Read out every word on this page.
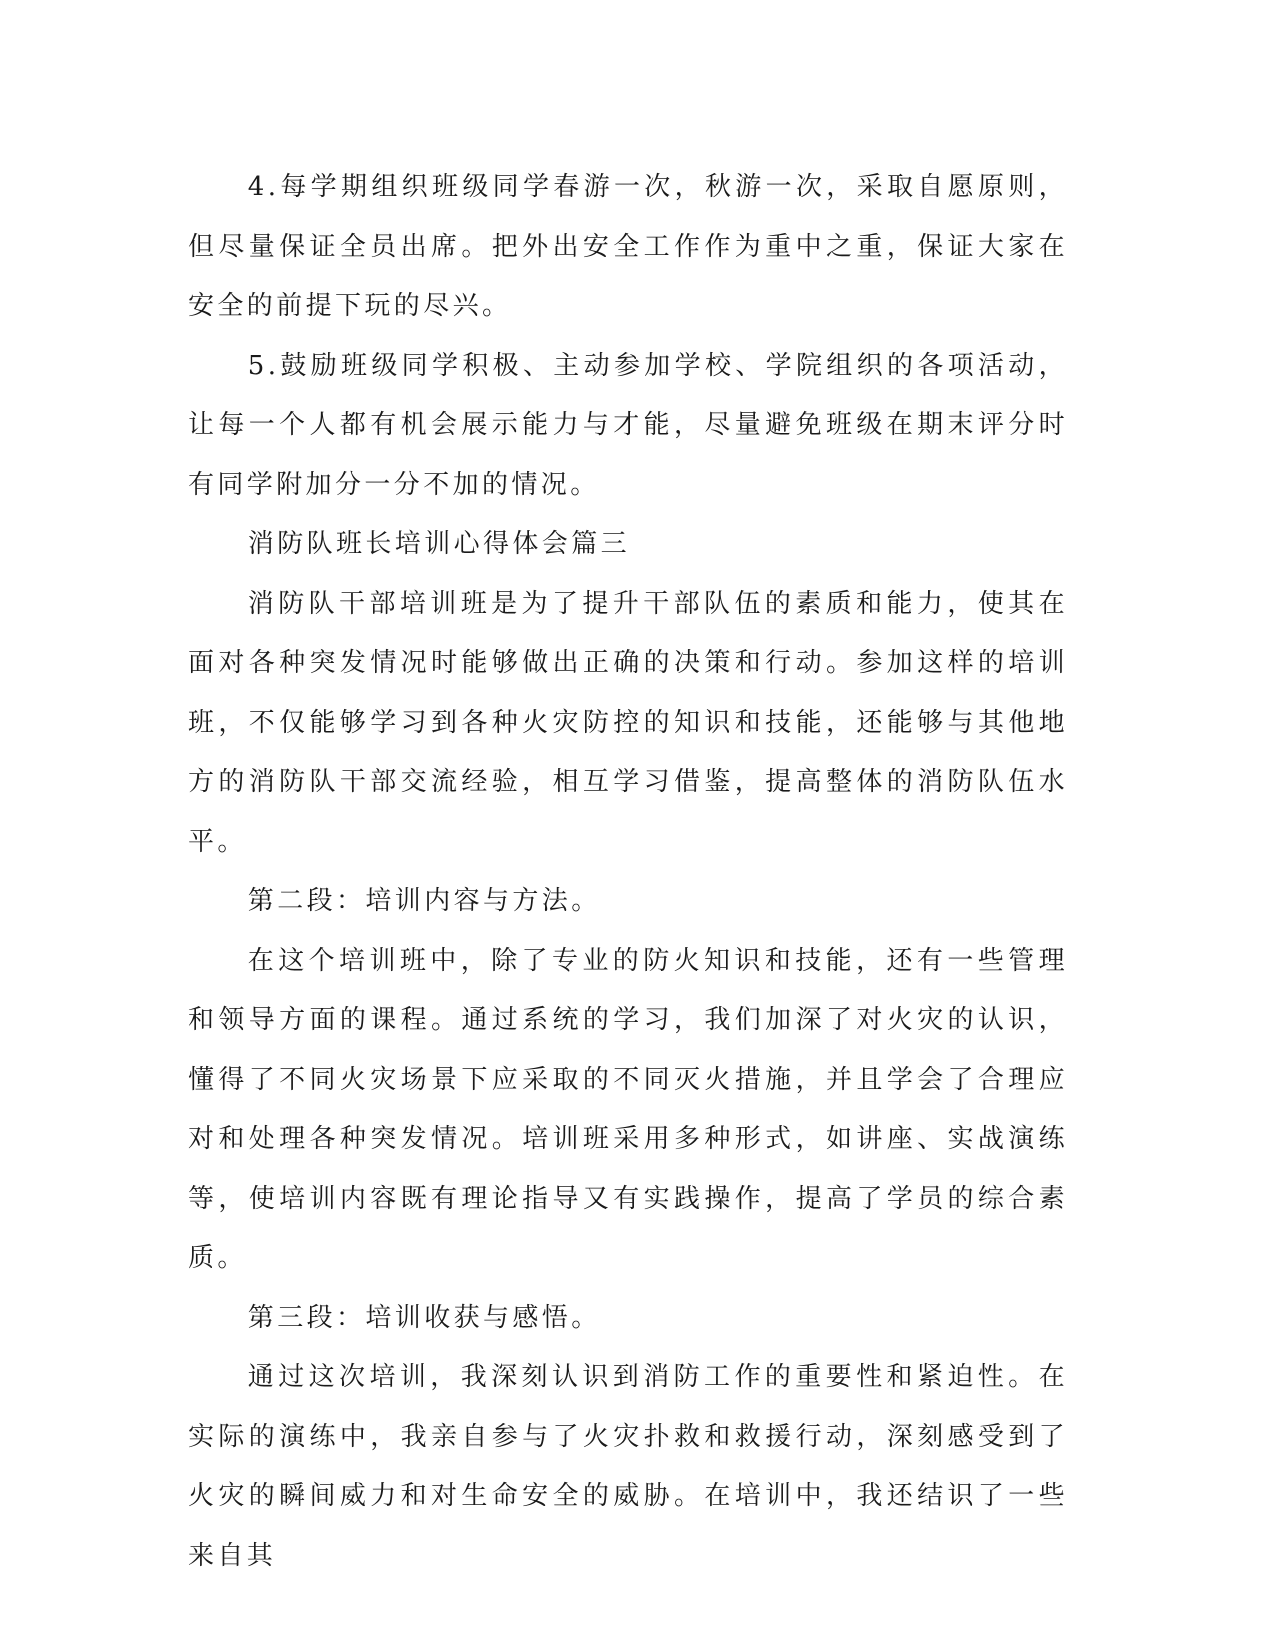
4.每学期组织班级同学春游一次，秋游一次，采取自愿原则，但尽量保证全员出席。把外出安全工作作为重中之重，保证大家在安全的前提下玩的尽兴。

5.鼓励班级同学积极、主动参加学校、学院组织的各项活动，让每一个人都有机会展示能力与才能，尽量避免班级在期末评分时有同学附加分一分不加的情况。

消防队班长培训心得体会篇三

消防队干部培训班是为了提升干部队伍的素质和能力，使其在面对各种突发情况时能够做出正确的决策和行动。参加这样的培训班，不仅能够学习到各种火灾防控的知识和技能，还能够与其他地方的消防队干部交流经验，相互学习借鉴，提高整体的消防队伍水平。

第二段：培训内容与方法。

在这个培训班中，除了专业的防火知识和技能，还有一些管理和领导方面的课程。通过系统的学习，我们加深了对火灾的认识，懂得了不同火灾场景下应采取的不同灭火措施，并且学会了合理应对和处理各种突发情况。培训班采用多种形式，如讲座、实战演练等，使培训内容既有理论指导又有实践操作，提高了学员的综合素质。

第三段：培训收获与感悟。

通过这次培训，我深刻认识到消防工作的重要性和紧迫性。在实际的演练中，我亲自参与了火灾扑救和救援行动，深刻感受到了火灾的瞬间威力和对生命安全的威胁。在培训中，我还结识了一些来自其
